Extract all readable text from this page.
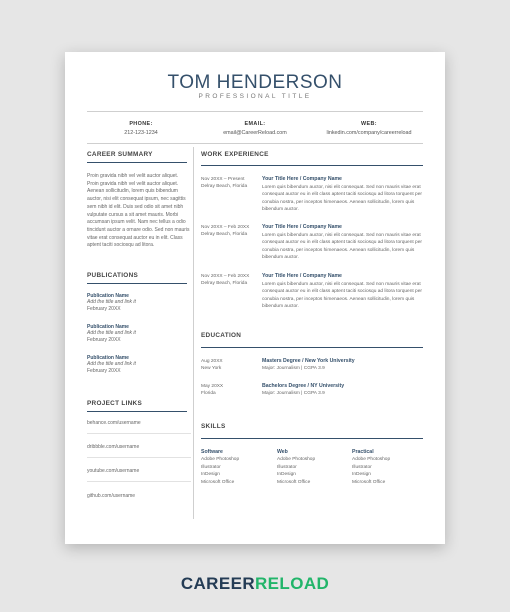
TOM HENDERSON
PROFESSIONAL TITLE
PHONE:
212-123-1234
EMAIL:
email@CareerReload.com
WEB:
linkedin.com/company/careerreload
CAREER SUMMARY
Proin gravida nibh vel velit auctor aliquet. Proin gravida nibh vel velit auctor aliquet. Aenean sollicitudin, lorem quis bibendum auctor, nisi elit consequat ipsum, nec sagittis sem nibh id elit. Duis sed odio sit amet nibh vulputate cursus a sit amet mauris. Morbi accumsan ipsum velit. Nam nec tellus a odio tincidunt auctor a ornare odio. Sed non mauris vitae erat consequat auctor eu in elit. Class aptent taciti sociosqu ad litora.
PUBLICATIONS
Publication Name
Add the title and link it
February 20XX
Publication Name
Add the title and link it
February 20XX
Publication Name
Add the title and link it
February 20XX
PROJECT LINKS
behance.com/username
dribbble.com/username
youtube.com/username
github.com/username
WORK EXPERIENCE
Nov 20XX – Present
Delray Beach, Florida
Your Title Here / Company Name
Lorem quis bibendum auctor, nisi elit consequat. Sed non mauris vitae erat consequat auctor eu in elit class aptent taciti sociosqu ad litora torquent per conubia nostra, per inceptos himenaeos. Aenean sollicitudin, lorem quis bibendum auctor.
Nov 20XX – Feb 20XX
Delray Beach, Florida
Your Title Here / Company Name
Lorem quis bibendum auctor, nisi elit consequat. Sed non mauris vitae erat consequat auctor eu in elit class aptent taciti sociosqu ad litora torquent per conubia nostra, per inceptos himenaeos. Aenean sollicitudin, lorem quis bibendum auctor.
Nov 20XX – Feb 20XX
Delray Beach, Florida
Your Title Here / Company Name
Lorem quis bibendum auctor, nisi elit consequat. Sed non mauris vitae erat consequat auctor eu in elit class aptent taciti sociosqu ad litora torquent per conubia nostra, per inceptos himenaeos. Aenean sollicitudin, lorem quis bibendum auctor.
EDUCATION
Aug 20XX
New York
Masters Degree / New York University
Major: Journalism | CGPA 3.9
May 20XX
Florida
Bachelors Degree / NY University
Major: Journalism | CGPA 3.9
SKILLS
Software
Adobe Photoshop
Illustrator
InDesign
Microsoft Office
Web
Adobe Photoshop
Illustrator
InDesign
Microsoft Office
Practical
Adobe Photoshop
Illustrator
InDesign
Microsoft Office
CAREERRELOAD
